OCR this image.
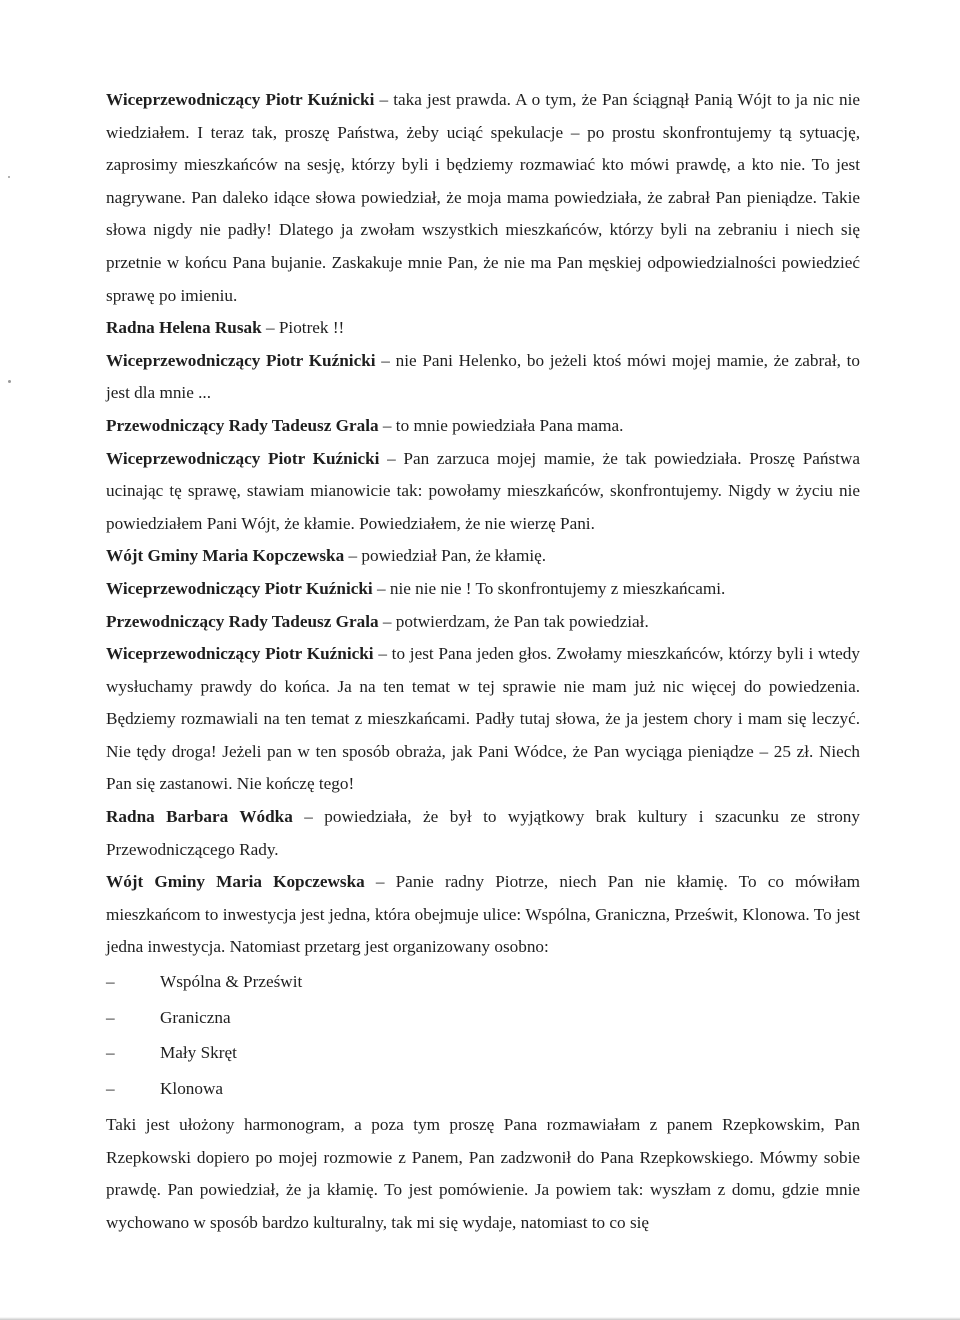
Wiceprzewodniczący Piotr Kuźnicki – taka jest prawda. A o tym, że Pan ściągnął Panią Wójt to ja nic nie wiedziałem. I teraz tak, proszę Państwa, żeby uciąć spekulacje – po prostu skonfrontujemy tą sytuację, zaprosimy mieszkańców na sesję, którzy byli i będziemy rozmawiać kto mówi prawdę, a kto nie. To jest nagrywane. Pan daleko idące słowa powiedział, że moja mama powiedziała, że zabrał Pan pieniądze. Takie słowa nigdy nie padły! Dlatego ja zwołam wszystkich mieszkańców, którzy byli na zebraniu i niech się przetnie w końcu Pana bujanie. Zaskakuje mnie Pan, że nie ma Pan męskiej odpowiedzialności powiedzieć sprawę po imieniu.

Radna Helena Rusak – Piotrek !!

Wiceprzewodniczący Piotr Kuźnicki – nie Pani Helenko, bo jeżeli ktoś mówi mojej mamie, że zabrał, to jest dla mnie ...

Przewodniczący Rady Tadeusz Grala – to mnie powiedziała Pana mama.

Wiceprzewodniczący Piotr Kuźnicki – Pan zarzuca mojej mamie, że tak powiedziała. Proszę Państwa ucinając tę sprawę, stawiam mianowicie tak: powołamy mieszkańców, skonfrontujemy. Nigdy w życiu nie powiedziałem Pani Wójt, że kłamie. Powiedziałem, że nie wierzę Pani.

Wójt Gminy Maria Kopczewska – powiedział Pan, że kłamię.

Wiceprzewodniczący Piotr Kuźnicki – nie nie nie ! To skonfrontujemy z mieszkańcami.

Przewodniczący Rady Tadeusz Grala – potwierdzam, że Pan tak powiedział.

Wiceprzewodniczący Piotr Kuźnicki – to jest Pana jeden głos. Zwołamy mieszkańców, którzy byli i wtedy wysłuchamy prawdy do końca. Ja na ten temat w tej sprawie nie mam już nic więcej do powiedzenia. Będziemy rozmawiali na ten temat z mieszkańcami. Padły tutaj słowa, że ja jestem chory i mam się leczyć. Nie tędy droga! Jeżeli pan w ten sposób obraża, jak Pani Wódce, że Pan wyciąga pieniądze – 25 zł. Niech Pan się zastanowi. Nie kończę tego!

Radna Barbara Wódka – powiedziała, że był to wyjątkowy brak kultury i szacunku ze strony Przewodniczącego Rady.

Wójt Gminy Maria Kopczewska – Panie radny Piotrze, niech Pan nie kłamię. To co mówiłam mieszkańcom to inwestycja jest jedna, która obejmuje ulice: Wspólna, Graniczna, Prześwit, Klonowa. To jest jedna inwestycja. Natomiast przetarg jest organizowany osobno:

–	Wspólna & Prześwit
–	Graniczna
–	Mały Skręt
–	Klonowa

Taki jest ułożony harmonogram, a poza tym proszę Pana rozmawiałam z panem Rzepkowskim, Pan Rzepkowski dopiero po mojej rozmowie z Panem, Pan zadzwonił do Pana Rzepkowskiego. Mówmy sobie prawdę. Pan powiedział, że ja kłamię. To jest pomówienie. Ja powiem tak: wyszłam z domu, gdzie mnie wychowano w sposób bardzo kulturalny, tak mi się wydaje, natomiast to co się
